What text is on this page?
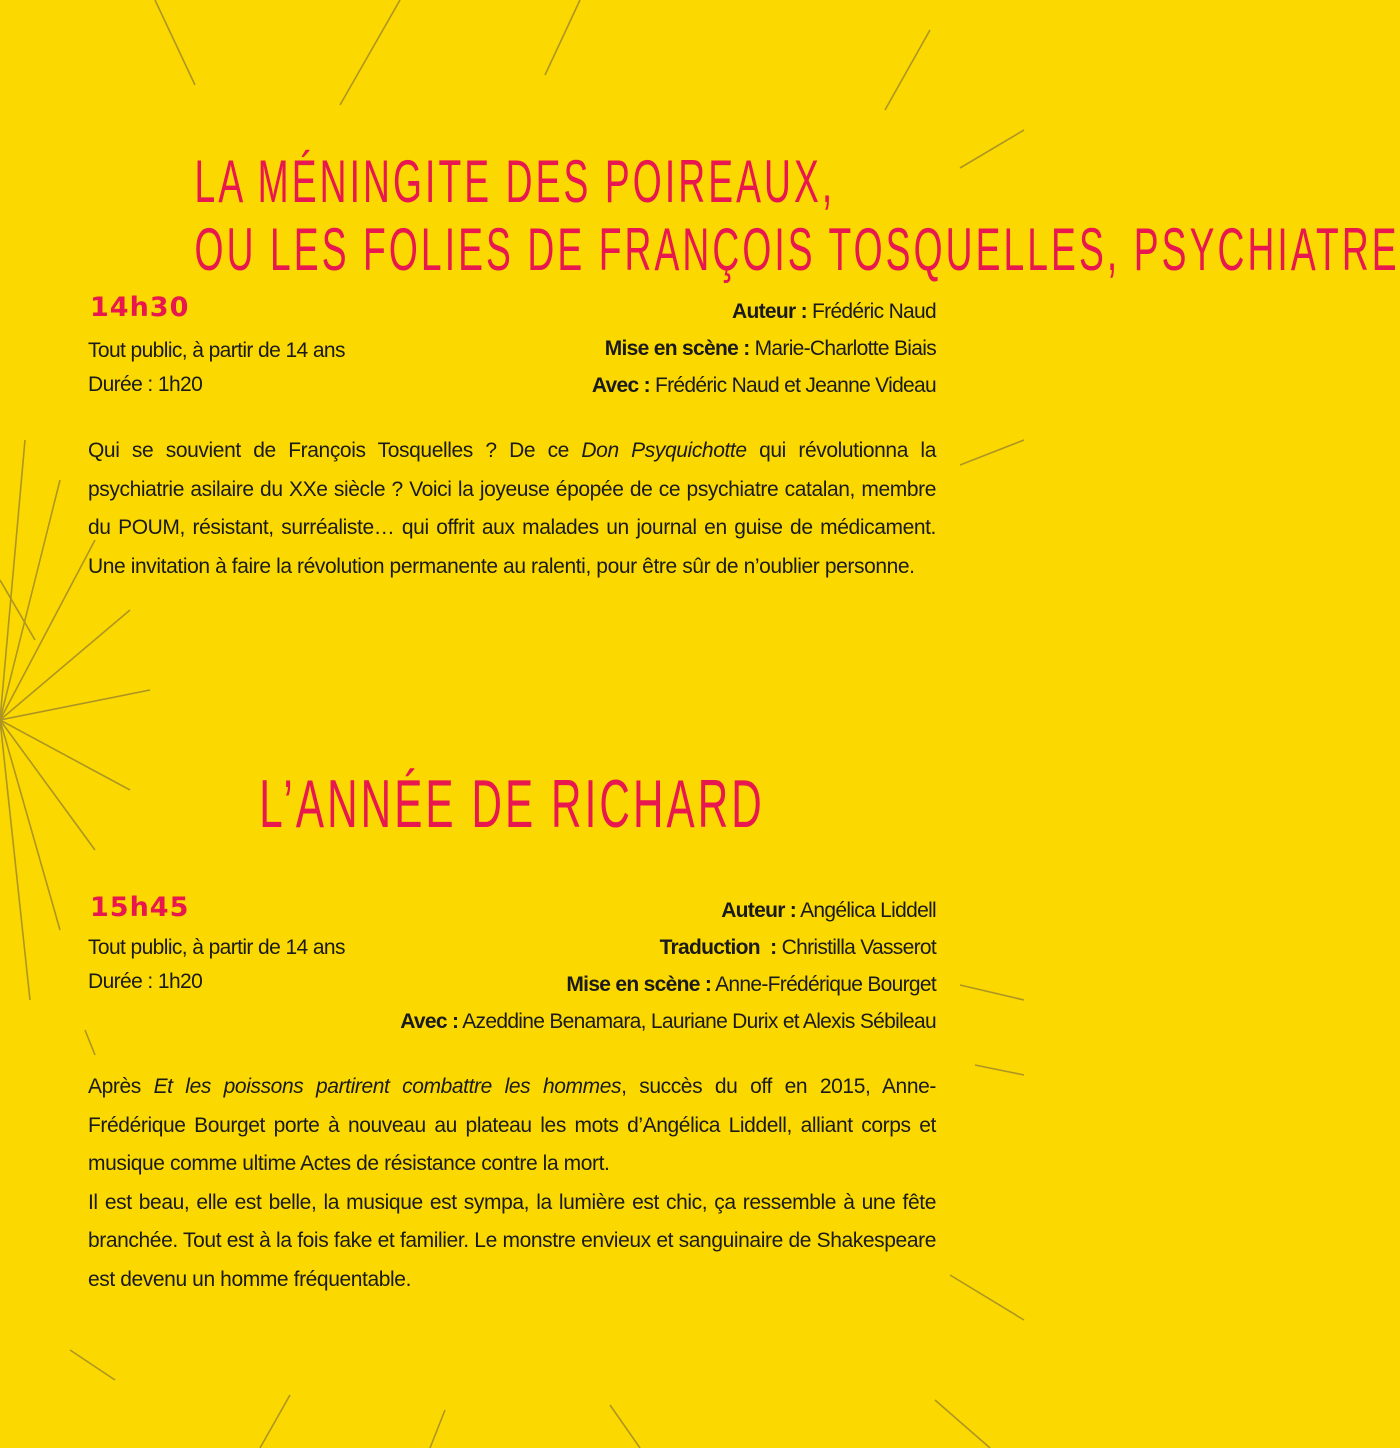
LA MÉNINGITE DES POIREAUX,
OU LES FOLIES DE FRANÇOIS TOSQUELLES, PSYCHIATRE
14h30
Tout public, à partir de 14 ans
Durée : 1h20
Auteur : Frédéric Naud
Mise en scène : Marie-Charlotte Biais
Avec : Frédéric Naud et Jeanne Videau
Qui se souvient de François Tosquelles ? De ce Don Psyquichotte qui révolutionna la psychiatrie asilaire du XXe siècle ? Voici la joyeuse épopée de ce psychiatre catalan, membre du POUM, résistant, surréaliste… qui offrit aux malades un journal en guise de médicament. Une invitation à faire la révolution permanente au ralenti, pour être sûr de n’oublier personne.
L’ANNÉE DE RICHARD
15h45
Tout public, à partir de 14 ans
Durée : 1h20
Auteur : Angélica Liddell
Traduction  : Christilla Vasserot
Mise en scène : Anne-Frédérique Bourget
Avec : Azeddine Benamara, Lauriane Durix et Alexis Sébileau
Après Et les poissons partirent combattre les hommes, succès du off en 2015, Anne-Frédérique Bourget porte à nouveau au plateau les mots d’Angélica Liddell, alliant corps et musique comme ultime Actes de résistance contre la mort.
Il est beau, elle est belle, la musique est sympa, la lumière est chic, ça ressemble à une fête branchée. Tout est à la fois fake et familier. Le monstre envieux et sanguinaire de Shakespeare est devenu un homme fréquentable.
